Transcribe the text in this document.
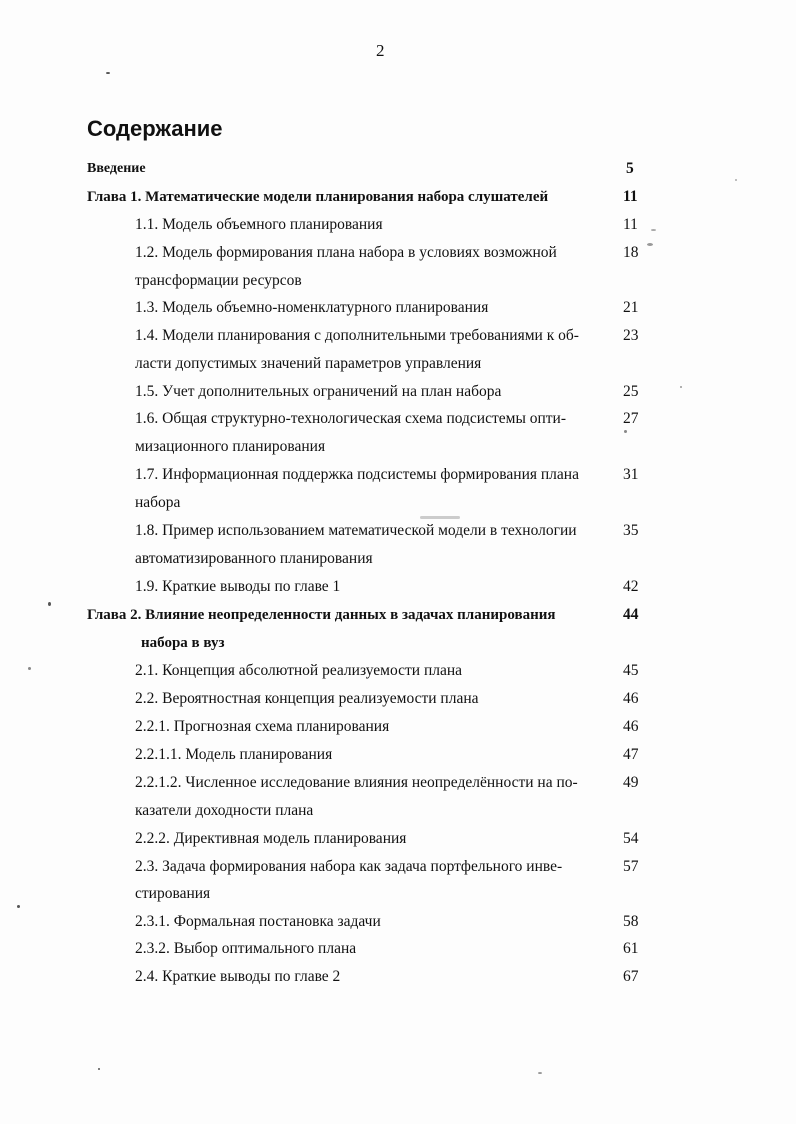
2
Содержание
Введение	5
Глава 1. Математические модели планирования набора слушателей	11
1.1. Модель объемного планирования	11
1.2. Модель формирования плана набора в условиях возможной	18
трансформации ресурсов
1.3. Модель объемно-номенклатурного планирования	21
1.4. Модели планирования с дополнительными требованиями к об-	23
ласти допустимых значений параметров управления
1.5. Учет дополнительных ограничений на план набора	25
1.6. Общая структурно-технологическая схема подсистемы опти-	27
мизационного планирования
1.7. Информационная поддержка подсистемы формирования плана	31
набора
1.8. Пример использованием математической модели в технологии	35
автоматизированного планирования
1.9. Краткие выводы по главе 1	42
Глава 2. Влияние неопределенности данных в задачах планирования	44
набора в вуз
2.1. Концепция абсолютной реализуемости плана	45
2.2. Вероятностная концепция реализуемости плана	46
2.2.1. Прогнозная схема планирования	46
2.2.1.1. Модель планирования	47
2.2.1.2. Численное исследование влияния неопределённости на по-	49
казатели доходности плана
2.2.2. Директивная модель планирования	54
2.3. Задача формирования набора как задача портфельного инве-	57
стирования
2.3.1. Формальная постановка задачи	58
2.3.2. Выбор оптимального плана	61
2.4. Краткие выводы по главе 2	67
